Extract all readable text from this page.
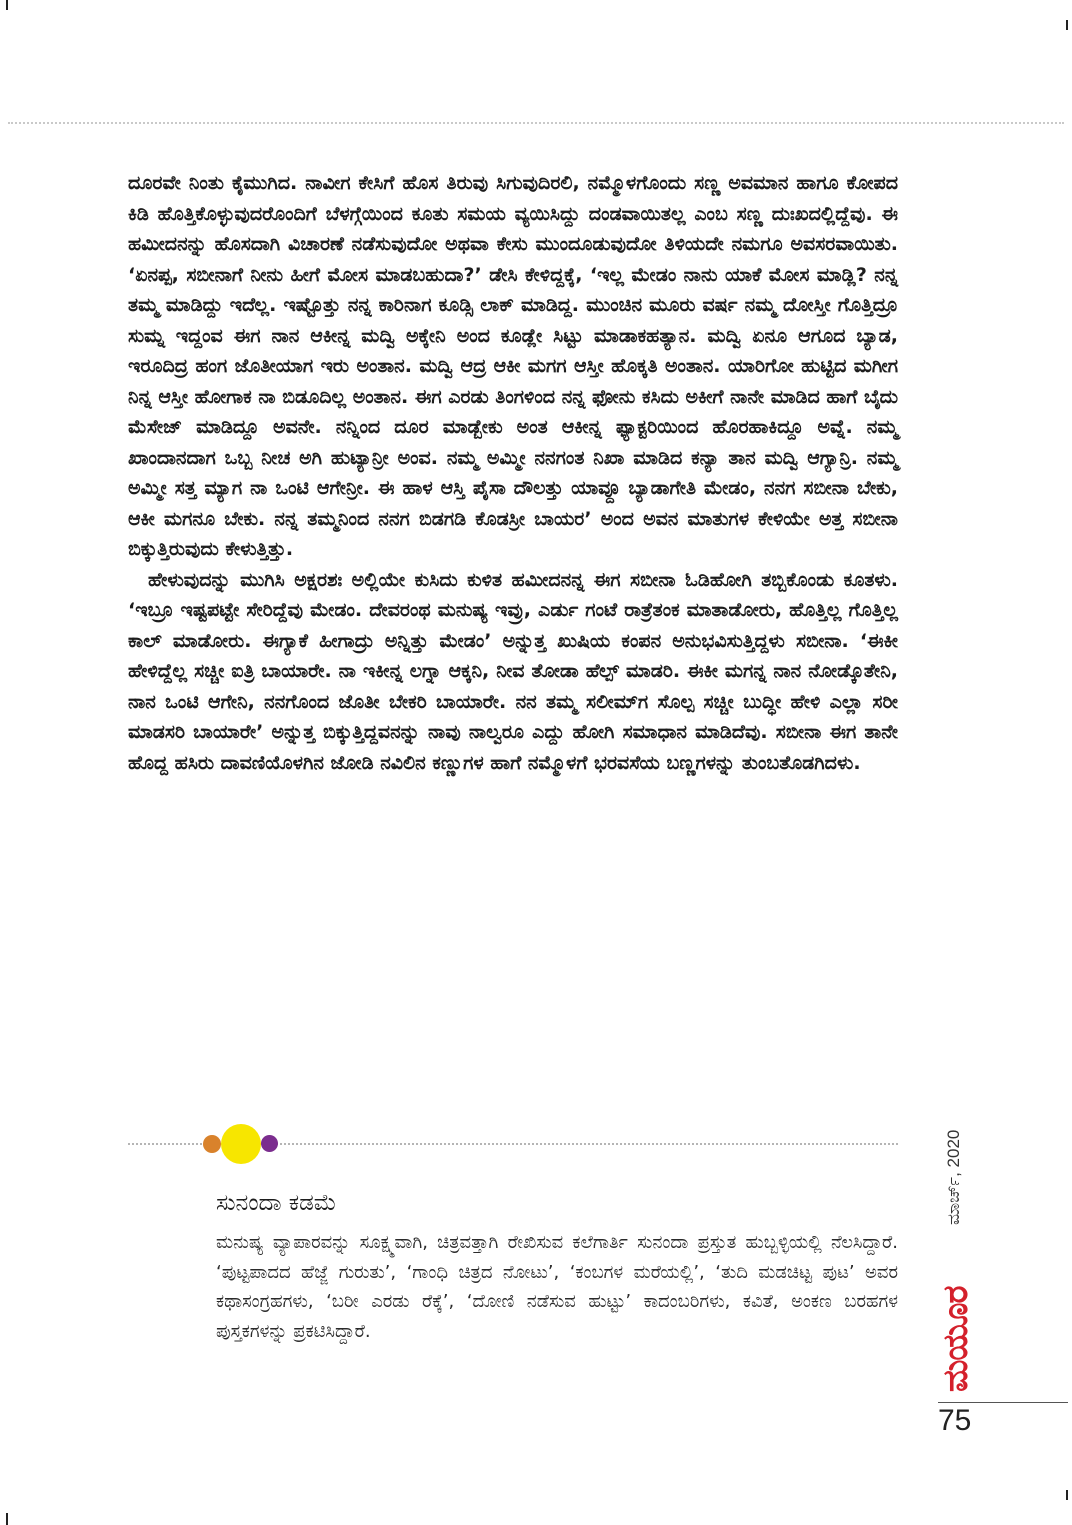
ದೂರವೇ ನಿಂತು ಕೈಮುಗಿದ. ನಾವೀಗ ಕೇಸಿಗೆ ಹೊಸ ತಿರುವು ಸಿಗುವುದಿರಲಿ, ನಮ್ಮೊಳಗೊಂದು ಸಣ್ಣ ಅವಮಾನ ಹಾಗೂ ಕೋಪದ ಕಿಡಿ ಹೊತ್ತಿಕೊಳ್ಳುವುದರೊಂದಿಗೆ ಬೆಳಗ್ಗೆಯಿಂದ ಕೂತು ಸಮಯ ವ್ಯಯಿಸಿದ್ದು ದಂಡವಾಯಿತಲ್ಲ ಎಂಬ ಸಣ್ಣ ದುಃಖದಲ್ಲಿದ್ದೆವು. ಈ ಹಮೀದನನ್ನು ಹೊಸದಾಗಿ ವಿಚಾರಣೆ ನಡೆಸುವುದೋ ಅಥವಾ ಕೇಸು ಮುಂದೂಡುವುದೋ ತಿಳಿಯದೇ ನಮಗೂ ಅವಸರವಾಯಿತು. ‘ಏನಪ್ಪ, ಸಬೀನಾಗೆ ನೀನು ಹೀಗೆ ಮೋಸ ಮಾಡಬಹುದಾ?’ ಡೇಸಿ ಕೇಳಿದ್ದಕ್ಕೆ, ‘ಇಲ್ಲ ಮೇಡಂ ನಾನು ಯಾಕೆ ಮೋಸ ಮಾಡ್ಲಿ? ನನ್ನ ತಮ್ಮ ಮಾಡಿದ್ದು ಇದೆಲ್ಲ. ಇಷ್ಟೊತ್ತು ನನ್ನ ಕಾರಿನಾಗ ಕೂಡ್ಸಿ ಲಾಕ್ ಮಾಡಿದ್ದ. ಮುಂಚಿನ ಮೂರು ವರ್ಷ ನಮ್ಮ ದೋಸ್ತೀ ಗೊತ್ತಿದ್ರೂ ಸುಮ್ನ ಇದ್ದಂವ ಈಗ ನಾನ ಆಕೀನ್ನ ಮದ್ವಿ ಅಕ್ಕೇನಿ ಅಂದ ಕೂಡ್ಲೇ ಸಿಟ್ಟು ಮಾಡಾಕಹತ್ಯಾನ. ಮದ್ವಿ ಏನೂ ಆಗೂದ ಬ್ಯಾಡ, ಇರೂದಿದ್ರ ಹಂಗ ಜೊತೀಯಾಗ ಇರು ಅಂತಾನ. ಮದ್ವಿ ಆದ್ರ ಆಕೀ ಮಗಗ ಆಸ್ತೀ ಹೊಕ್ಕತಿ ಅಂತಾನ. ಯಾರಿಗೋ ಹುಟ್ಟಿದ ಮಗೀಗ ನಿನ್ನ ಆಸ್ತೀ ಹೋಗಾಕ ನಾ ಬಿಡೂದಿಲ್ಲ ಅಂತಾನ. ಈಗ ಎರಡು ತಿಂಗಳಿಂದ ನನ್ನ ಫೋನು ಕಸಿದು ಅಕೀಗೆ ನಾನೇ ಮಾಡಿದ ಹಾಗೆ ಬೈದು ಮೆಸೇಜ್ ಮಾಡಿದ್ದೂ ಅವನೇ. ನನ್ನಿಂದ ದೂರ ಮಾಡ್ಬೇಕು ಅಂತ ಆಕೀನ್ನ ಫ್ಯಾಕ್ಟರಿಯಿಂದ ಹೊರಹಾಕಿದ್ದೂ ಅವ್ನೆ. ನಮ್ಮ ಖಾಂದಾನದಾಗ ಒಬ್ಬ ನೀಚ ಅಗಿ ಹುಟ್ಯಾನ್ರೀ ಅಂವ. ನಮ್ಮ ಅಮ್ಮೀ ನನಗಂತ ನಿಖಾ ಮಾಡಿದ ಕನ್ಯಾ ತಾನ ಮದ್ವಿ ಆಗ್ಯಾನ್ರಿ. ನಮ್ಮ ಅಮ್ಮೀ ಸತ್ತ ಮ್ಯಾಗ ನಾ ಒಂಟಿ ಆಗೇನ್ರೀ. ಈ ಹಾಳ ಆಸ್ತಿ ಪೈಸಾ ದೌಲತ್ತು ಯಾವ್ದೂ ಬ್ಯಾಡಾಗೇತಿ ಮೇಡಂ, ನನಗ ಸಬೀನಾ ಬೇಕು, ಆಕೀ ಮಗನೂ ಬೇಕು. ನನ್ನ ತಮ್ಮನಿಂದ ನನಗ ಬಿಡಗಡಿ ಕೊಡಸ್ರೀ ಬಾಯರ’ ಅಂದ ಅವನ ಮಾತುಗಳ ಕೇಳಿಯೇ ಅತ್ತ ಸಬೀನಾ ಬಿಕ್ಕುತ್ತಿರುವುದು ಕೇಳುತ್ತಿತ್ತು.

ಹೇಳುವುದನ್ನು ಮುಗಿಸಿ ಅಕ್ಷರಶಃ ಅಲ್ಲಿಯೇ ಕುಸಿದು ಕುಳಿತ ಹಮೀದನನ್ನ ಈಗ ಸಬೀನಾ ಓಡಿಹೋಗಿ ತಬ್ಬಿಕೊಂಡು ಕೂತಳು. ‘ಇಬ್ರೂ ಇಷ್ಟಪಟ್ಟೇ ಸೇರಿದ್ದೆವು ಮೇಡಂ. ದೇವರಂಥ ಮನುಷ್ಯ ಇವ್ರು, ಎರ್ಡು ಗಂಟೆ ರಾತ್ರೆತಂಕ ಮಾತಾಡೋರು, ಹೊತ್ತಿಲ್ಲ ಗೊತ್ತಿಲ್ಲ ಕಾಲ್ ಮಾಡೋರು. ಈಗ್ಯಾಕೆ ಹೀಗಾದ್ರು ಅನ್ನಿತ್ತು ಮೇಡಂ’ ಅನ್ನುತ್ತ ಖುಷಿಯ ಕಂಪನ ಅನುಭವಿಸುತ್ತಿದ್ದಳು ಸಬೀನಾ. ‘ಈಕೀ ಹೇಳಿದ್ದೆಲ್ಲ ಸಚ್ಚೀ ಐತ್ರಿ ಬಾಯಾರೇ. ನಾ ಇಕೀನ್ನ ಲಗ್ನಾ ಆಕ್ಕನಿ, ನೀವ ತೋಡಾ ಹೆಲ್ಪ್ ಮಾಡರಿ. ಈಕೀ ಮಗನ್ನ ನಾನ ನೋಡ್ಕೊತೇನಿ, ನಾನ ಒಂಟಿ ಆಗೇನಿ, ನನಗೊಂದ ಜೊತೀ ಬೇಕರಿ ಬಾಯಾರೇ. ನನ ತಮ್ಮ ಸಲೀಮ್‌ಗ ಸೊಲ್ಪ ಸಚ್ಚೀ ಬುದ್ಧೀ ಹೇಳಿ ಎಲ್ಲಾ ಸರೀ ಮಾಡಸರಿ ಬಾಯಾರೇ’ ಅನ್ನುತ್ತ ಬಿಕ್ಕುತ್ತಿದ್ದವನನ್ನು ನಾವು ನಾಲ್ವರೂ ಎದ್ದು ಹೋಗಿ ಸಮಾಧಾನ ಮಾಡಿದೆವು. ಸಬೀನಾ ಈಗ ತಾನೇ ಹೊದ್ದ ಹಸಿರು ದಾವಣಿಯೊಳಗಿನ ಜೋಡಿ ನವಿಲಿನ ಕಣ್ಣುಗಳ ಹಾಗೆ ನಮ್ಮೊಳಗೆ ಭರವಸೆಯ ಬಣ್ಣಗಳನ್ನು ತುಂಬತೊಡಗಿದಳು.

ಸುನಂದಾ ಕಡಮೆ

ಮನುಷ್ಯ ವ್ಯಾಪಾರವನ್ನು ಸೂಕ್ಷ್ಮವಾಗಿ, ಚಿತ್ರವತ್ತಾಗಿ ರೇಖಿಸುವ ಕಲೆಗಾರ್ತಿ ಸುನಂದಾ ಪ್ರಸ್ತುತ ಹುಬ್ಬಳ್ಳಿಯಲ್ಲಿ ನೆಲಸಿದ್ದಾರೆ. ‘ಪುಟ್ಟಪಾದದ ಹೆಜ್ಜೆ ಗುರುತು’, ‘ಗಾಂಧಿ ಚಿತ್ರದ ನೋಟು’, ‘ಕಂಬಗಳ ಮರೆಯಲ್ಲಿ’, ‘ತುದಿ ಮಡಚಿಟ್ಟ ಪುಟ’ ಅವರ ಕಥಾಸಂಗ್ರಹಗಳು, ‘ಬರೀ ಎರಡು ರೆಕ್ಕೆ’, ‘ದೋಣಿ ನಡೆಸುವ ಹುಟ್ಟು’ ಕಾದಂಬರಿಗಳು, ಕವಿತೆ, ಅಂಕಣ ಬರಹಗಳ ಪುಸ್ತಕಗಳನ್ನು ಪ್ರಕಟಿಸಿದ್ದಾರೆ.

ಮಾರ್ಚ್, 2020
ಮಯೂರ
75
